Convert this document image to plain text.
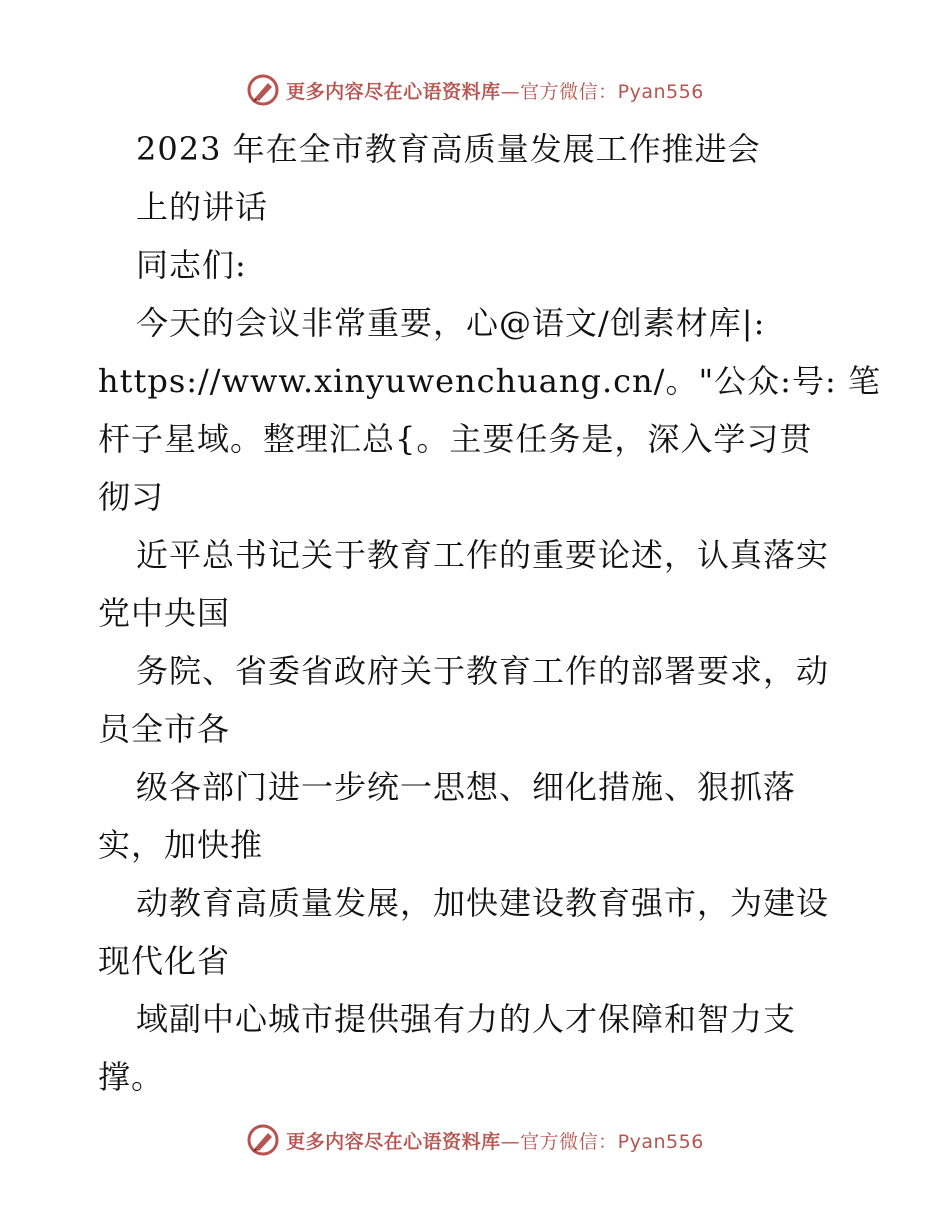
更多内容尽在心语资料库—官方微信：Pyan556

2023 年在全市教育高质量发展工作推进会

上的讲话

同志们:

今天的会议非常重要，心@语文/创素材库|:

https://www.xinyuwenchuang.cn/。"公众:号: 笔

杆子星域。整理汇总{。主要任务是，深入学习贯

彻习

近平总书记关于教育工作的重要论述，认真落实

党中央国

务院、省委省政府关于教育工作的部署要求，动

员全市各

级各部门进一步统一思想、细化措施、狠抓落

实，加快推

动教育高质量发展，加快建设教育强市，为建设

现代化省

域副中心城市提供强有力的人才保障和智力支

撑。

更多内容尽在心语资料库—官方微信：Pyan556
